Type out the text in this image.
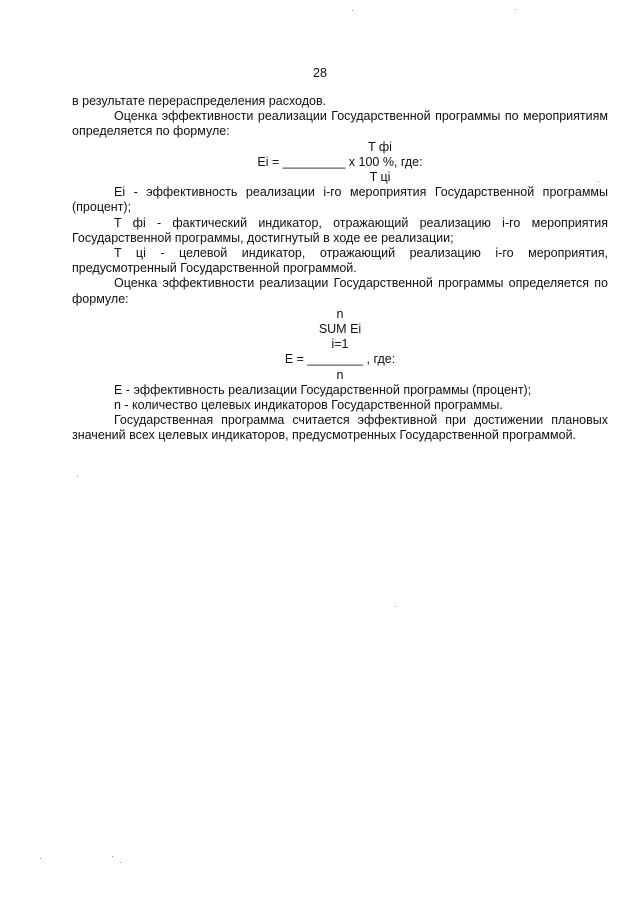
28

в результате перераспределения расходов.

Оценка эффективности реализации Государственной программы по мероприятиям определяется по формуле:

T фi

Ei = _________ x 100 %, где:

T цi

Ei - эффективность реализации i-го мероприятия Государственной программы (процент);

T фi - фактический индикатор, отражающий реализацию i-го мероприятия Государственной программы, достигнутый в ходе ее реализации;

T цi - целевой индикатор, отражающий реализацию i-го мероприятия, предусмотренный Государственной программой.

Оценка эффективности реализации Государственной программы определяется по формуле:

n

SUM Ei

i=1

E = ________ , где:

n

E - эффективность реализации Государственной программы (процент);

n - количество целевых индикаторов Государственной программы.

Государственная программа считается эффективной при достижении плановых значений всех целевых индикаторов, предусмотренных Государственной программой.
